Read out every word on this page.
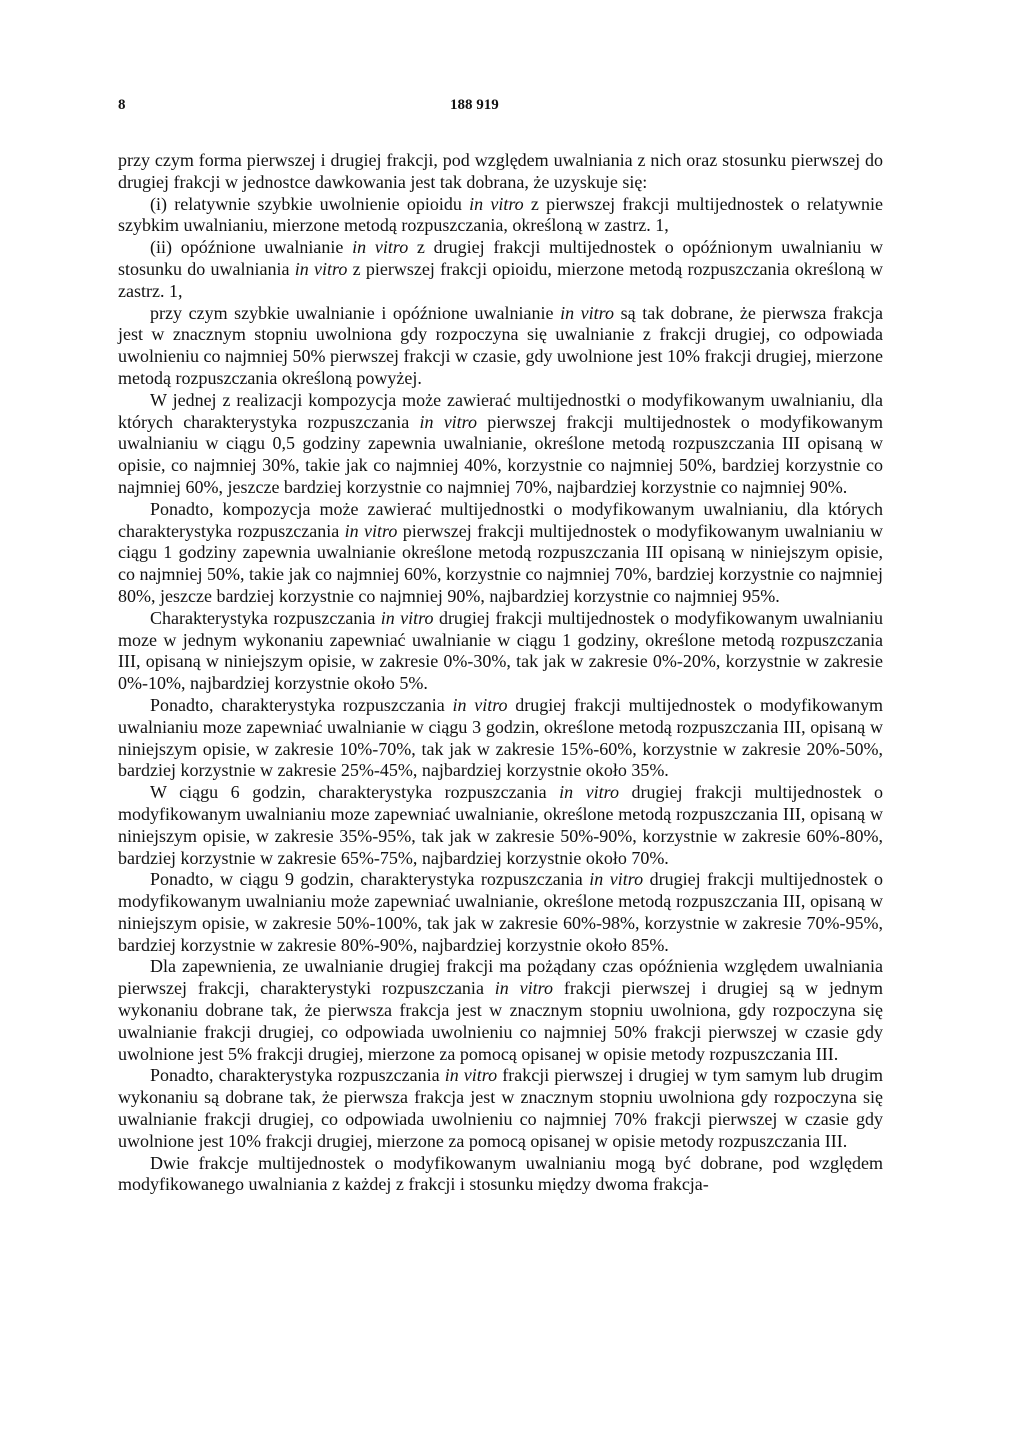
8	188 919

przy czym forma pierwszej i drugiej frakcji, pod względem uwalniania z nich oraz stosunku pierwszej do drugiej frakcji w jednostce dawkowania jest tak dobrana, że uzyskuje się:

(i) relatywnie szybkie uwolnienie opioidu in vitro z pierwszej frakcji multijednostek o relatywnie szybkim uwalnianiu, mierzone metodą rozpuszczania, określoną w zastrz. 1,

(ii) opóźnione uwalnianie in vitro z drugiej frakcji multijednostek o opóźnionym uwalnianiu w stosunku do uwalniania in vitro z pierwszej frakcji opioidu, mierzone metodą rozpuszczania określoną w zastrz. 1,

przy czym szybkie uwalnianie i opóźnione uwalnianie in vitro są tak dobrane, że pierwsza frakcja jest w znacznym stopniu uwolniona gdy rozpoczyna się uwalnianie z frakcji drugiej, co odpowiada uwolnieniu co najmniej 50% pierwszej frakcji w czasie, gdy uwolnione jest 10% frakcji drugiej, mierzone metodą rozpuszczania określoną powyżej.

W jednej z realizacji kompozycja może zawierać multijednostki o modyfikowanym uwalnianiu, dla których charakterystyka rozpuszczania in vitro pierwszej frakcji multijednostek o modyfikowanym uwalnianiu w ciągu 0,5 godziny zapewnia uwalnianie, określone metodą rozpuszczania III opisaną w opisie, co najmniej 30%, takie jak co najmniej 40%, korzystnie co najmniej 50%, bardziej korzystnie co najmniej 60%, jeszcze bardziej korzystnie co najmniej 70%, najbardziej korzystnie co najmniej 90%.

Ponadto, kompozycja może zawierać multijednostki o modyfikowanym uwalnianiu, dla których charakterystyka rozpuszczania in vitro pierwszej frakcji multijednostek o modyfikowanym uwalnianiu w ciągu 1 godziny zapewnia uwalnianie określone metodą rozpuszczania III opisaną w niniejszym opisie, co najmniej 50%, takie jak co najmniej 60%, korzystnie co najmniej 70%, bardziej korzystnie co najmniej 80%, jeszcze bardziej korzystnie co najmniej 90%, najbardziej korzystnie co najmniej 95%.

Charakterystyka rozpuszczania in vitro drugiej frakcji multijednostek o modyfikowanym uwalnianiu moze w jednym wykonaniu zapewniać uwalnianie w ciągu 1 godziny, określone metodą rozpuszczania III, opisaną w niniejszym opisie, w zakresie 0%-30%, tak jak w zakresie 0%-20%, korzystnie w zakresie 0%-10%, najbardziej korzystnie około 5%.

Ponadto, charakterystyka rozpuszczania in vitro drugiej frakcji multijednostek o modyfikowanym uwalnianiu moze zapewniać uwalnianie w ciągu 3 godzin, określone metodą rozpuszczania III, opisaną w niniejszym opisie, w zakresie 10%-70%, tak jak w zakresie 15%-60%, korzystnie w zakresie 20%-50%, bardziej korzystnie w zakresie 25%-45%, najbardziej korzystnie około 35%.

W ciągu 6 godzin, charakterystyka rozpuszczania in vitro drugiej frakcji multijednostek o modyfikowanym uwalnianiu moze zapewniać uwalnianie, określone metodą rozpuszczania III, opisaną w niniejszym opisie, w zakresie 35%-95%, tak jak w zakresie 50%-90%, korzystnie w zakresie 60%-80%, bardziej korzystnie w zakresie 65%-75%, najbardziej korzystnie około 70%.

Ponadto, w ciągu 9 godzin, charakterystyka rozpuszczania in vitro drugiej frakcji multijednostek o modyfikowanym uwalnianiu może zapewniać uwalnianie, określone metodą rozpuszczania III, opisaną w niniejszym opisie, w zakresie 50%-100%, tak jak w zakresie 60%-98%, korzystnie w zakresie 70%-95%, bardziej korzystnie w zakresie 80%-90%, najbardziej korzystnie około 85%.

Dla zapewnienia, ze uwalnianie drugiej frakcji ma pożądany czas opóźnienia względem uwalniania pierwszej frakcji, charakterystyki rozpuszczania in vitro frakcji pierwszej i drugiej są w jednym wykonaniu dobrane tak, że pierwsza frakcja jest w znacznym stopniu uwolniona, gdy rozpoczyna się uwalnianie frakcji drugiej, co odpowiada uwolnieniu co najmniej 50% frakcji pierwszej w czasie gdy uwolnione jest 5% frakcji drugiej, mierzone za pomocą opisanej w opisie metody rozpuszczania III.

Ponadto, charakterystyka rozpuszczania in vitro frakcji pierwszej i drugiej w tym samym lub drugim wykonaniu są dobrane tak, że pierwsza frakcja jest w znacznym stopniu uwolniona gdy rozpoczyna się uwalnianie frakcji drugiej, co odpowiada uwolnieniu co najmniej 70% frakcji pierwszej w czasie gdy uwolnione jest 10% frakcji drugiej, mierzone za pomocą opisanej w opisie metody rozpuszczania III.

Dwie frakcje multijednostek o modyfikowanym uwalnianiu mogą być dobrane, pod względem modyfikowanego uwalniania z każdej z frakcji i stosunku między dwoma frakcja-
